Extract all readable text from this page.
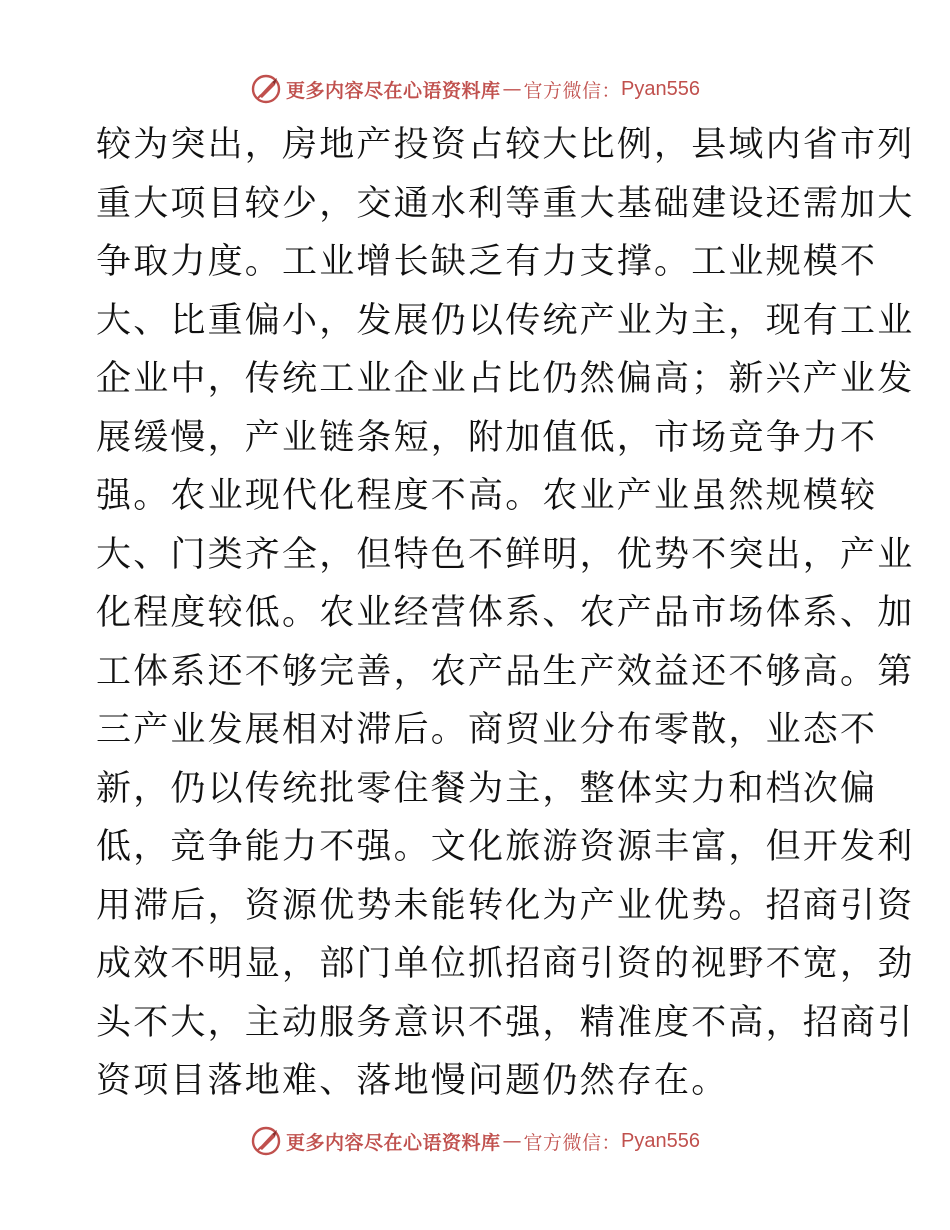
更多内容尽在心语资料库 — 官方微信： Pyan556
较为突出，房地产投资占较大比例，县域内省市列
重大项目较少，交通水利等重大基础建设还需加大
争取力度。工业增长缺乏有力支撑。工业规模不
大、比重偏小，发展仍以传统产业为主，现有工业
企业中，传统工业企业占比仍然偏高；新兴产业发
展缓慢，产业链条短，附加值低，市场竞争力不
强。农业现代化程度不高。农业产业虽然规模较
大、门类齐全，但特色不鲜明，优势不突出，产业
化程度较低。农业经营体系、农产品市场体系、加
工体系还不够完善，农产品生产效益还不够高。第
三产业发展相对滞后。商贸业分布零散，业态不
新，仍以传统批零住餐为主，整体实力和档次偏
低，竞争能力不强。文化旅游资源丰富，但开发利
用滞后，资源优势未能转化为产业优势。招商引资
成效不明显，部门单位抓招商引资的视野不宽，劲
头不大，主动服务意识不强，精准度不高，招商引
资项目落地难、落地慢问题仍然存在。
更多内容尽在心语资料库 — 官方微信： Pyan556
